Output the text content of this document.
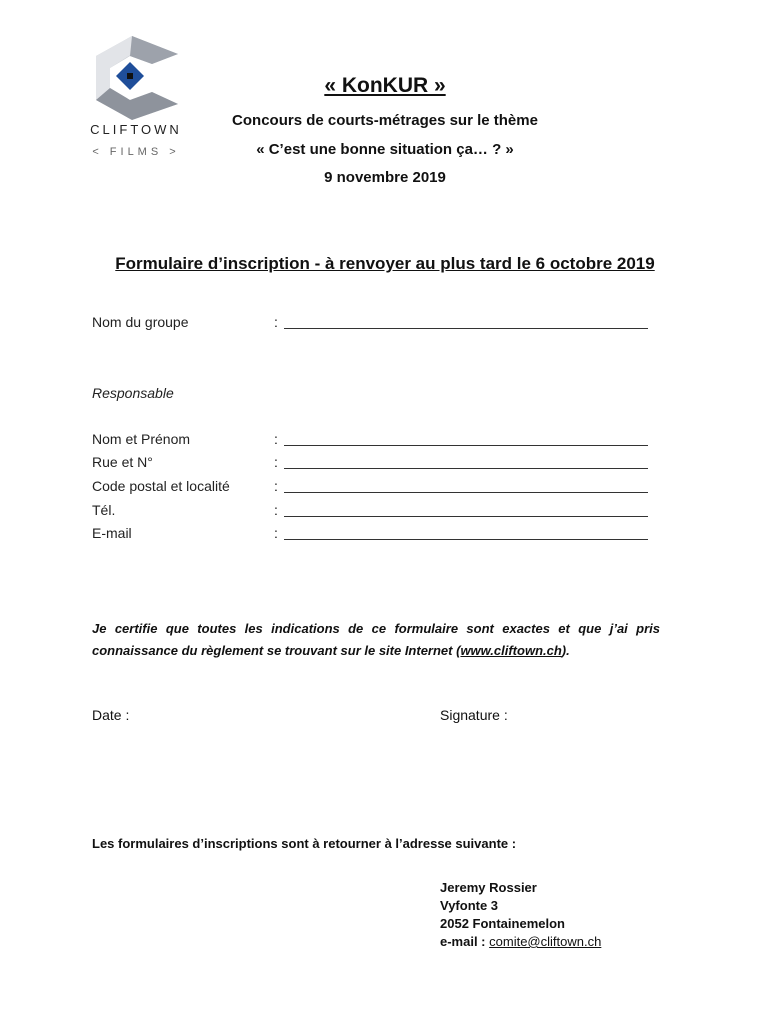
CLIFTOWN
< FILMS >
« KonKUR »
Concours de courts-métrages sur le thème
« C’est une bonne situation ça… ? »
9 novembre 2019
Formulaire d’inscription - à renvoyer au plus tard le 6 octobre 2019
Nom du groupe	:
Responsable
Nom et Prénom	:
Rue et N°	:
Code postal et localité	:
Tél.	:
E-mail	:
Je certifie que toutes les indications de ce formulaire sont exactes et que j’ai pris connaissance du règlement se trouvant sur le site Internet (www.cliftown.ch).
Date :	Signature :
Les formulaires d’inscriptions sont à retourner à l’adresse suivante :
Jeremy Rossier
Vyfonte 3
2052 Fontainemelon
e-mail : comite@cliftown.ch
